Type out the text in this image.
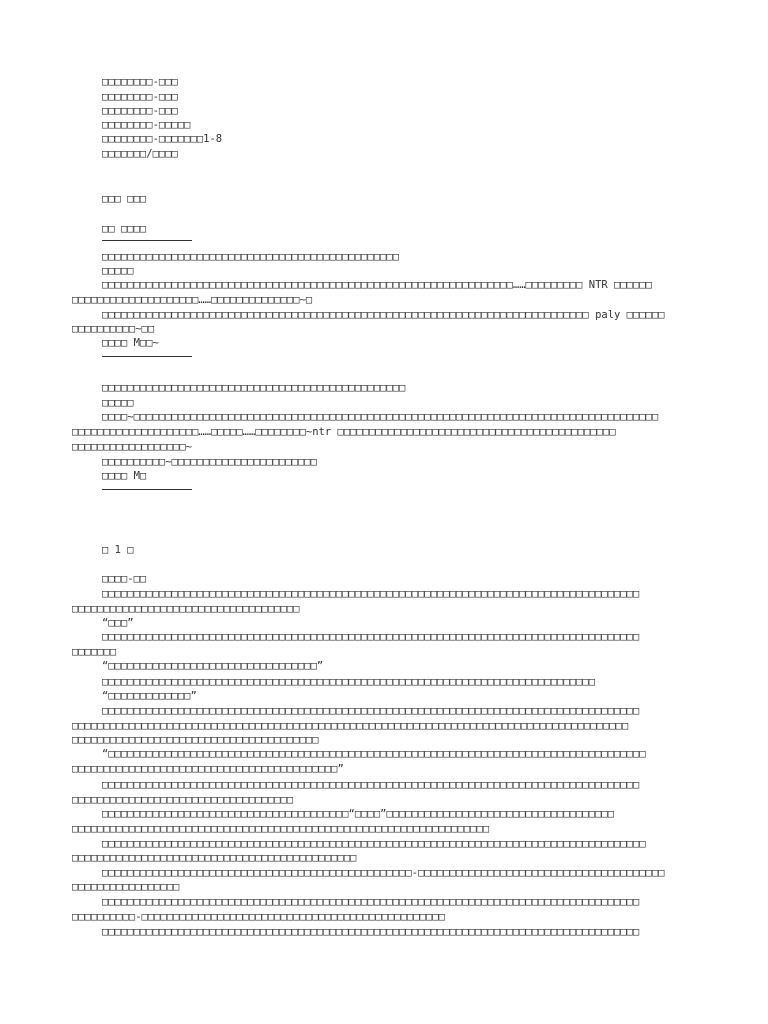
□□□□□□□□-□□□
□□□□□□□□-□□□
□□□□□□□□-□□□
□□□□□□□□-□□□□□
□□□□□□□□-□□□□□□□1-8
□□□□□□□/□□□□
□□□ □□□
□□ □□□□
□□□□□□□□□□□□□□□□□□□□□□□□□□□□□□□□□□□□□□□□□□□□□□□
□□□□□
□□□□□□□□□□□□□□□□□□□□□□□□□□□□□□□□□□□□□□□□□□□□□□□□□□□□□□□□□□□□□□□□□……□□□□□□□□□ NTR □□□□□□
□□□□□□□□□□□□□□□□□□□□……□□□□□□□□□□□□□□~□
□□□□□□□□□□□□□□□□□□□□□□□□□□□□□□□□□□□□□□□□□□□□□□□□□□□□□□□□□□□□□□□□□□□□□□□□□□□□□ paly □□□□□□
□□□□□□□□□□~□□
□□□□ M□□~
□□□□□□□□□□□□□□□□□□□□□□□□□□□□□□□□□□□□□□□□□□□□□□□□
□□□□□
□□□□~□□□□□□□□□□□□□□□□□□□□□□□□□□□□□□□□□□□□□□□□□□□□□□□□□□□□□□□□□□□□□□□□□□□□□□□□□□□□□□□□□□□
□□□□□□□□□□□□□□□□□□□□……□□□□□……□□□□□□□□~ntr □□□□□□□□□□□□□□□□□□□□□□□□□□□□□□□□□□□□□□□□□□□□
□□□□□□□□□□□□□□□□□□~
□□□□□□□□□□~□□□□□□□□□□□□□□□□□□□□□□□
□□□□ M□
□ 1 □
□□□□-□□
□□□□□□□□□□□□□□□□□□□□□□□□□□□□□□□□□□□□□□□□□□□□□□□□□□□□□□□□□□□□□□□□□□□□□□□□□□□□□□□□□□□□□
□□□□□□□□□□□□□□□□□□□□□□□□□□□□□□□□□□□□
“□□□”
□□□□□□□□□□□□□□□□□□□□□□□□□□□□□□□□□□□□□□□□□□□□□□□□□□□□□□□□□□□□□□□□□□□□□□□□□□□□□□□□□□□□□
□□□□□□□
“□□□□□□□□□□□□□□□□□□□□□□□□□□□□□□□□□”
□□□□□□□□□□□□□□□□□□□□□□□□□□□□□□□□□□□□□□□□□□□□□□□□□□□□□□□□□□□□□□□□□□□□□□□□□□□□□□
“□□□□□□□□□□□□□”
□□□□□□□□□□□□□□□□□□□□□□□□□□□□□□□□□□□□□□□□□□□□□□□□□□□□□□□□□□□□□□□□□□□□□□□□□□□□□□□□□□□□□
□□□□□□□□□□□□□□□□□□□□□□□□□□□□□□□□□□□□□□□□□□□□□□□□□□□□□□□□□□□□□□□□□□□□□□□□□□□□□□□□□□□□□□□□
□□□□□□□□□□□□□□□□□□□□□□□□□□□□□□□□□□□□□□□
“□□□□□□□□□□□□□□□□□□□□□□□□□□□□□□□□□□□□□□□□□□□□□□□□□□□□□□□□□□□□□□□□□□□□□□□□□□□□□□□□□□□□□
□□□□□□□□□□□□□□□□□□□□□□□□□□□□□□□□□□□□□□□□□□”
□□□□□□□□□□□□□□□□□□□□□□□□□□□□□□□□□□□□□□□□□□□□□□□□□□□□□□□□□□□□□□□□□□□□□□□□□□□□□□□□□□□□□
□□□□□□□□□□□□□□□□□□□□□□□□□□□□□□□□□□□
□□□□□□□□□□□□□□□□□□□□□□□□□□□□□□□□□□□□□□□“□□□□”□□□□□□□□□□□□□□□□□□□□□□□□□□□□□□□□□□□□
□□□□□□□□□□□□□□□□□□□□□□□□□□□□□□□□□□□□□□□□□□□□□□□□□□□□□□□□□□□□□□□□□□
□□□□□□□□□□□□□□□□□□□□□□□□□□□□□□□□□□□□□□□□□□□□□□□□□□□□□□□□□□□□□□□□□□□□□□□□□□□□□□□□□□□□□□
□□□□□□□□□□□□□□□□□□□□□□□□□□□□□□□□□□□□□□□□□□□□□
□□□□□□□□□□□□□□□□□□□□□□□□□□□□□□□□□□□□□□□□□□□□□□□□□-□□□□□□□□□□□□□□□□□□□□□□□□□□□□□□□□□□□□□□□
□□□□□□□□□□□□□□□□□
□□□□□□□□□□□□□□□□□□□□□□□□□□□□□□□□□□□□□□□□□□□□□□□□□□□□□□□□□□□□□□□□□□□□□□□□□□□□□□□□□□□□□
□□□□□□□□□□-□□□□□□□□□□□□□□□□□□□□□□□□□□□□□□□□□□□□□□□□□□□□□□□□
□□□□□□□□□□□□□□□□□□□□□□□□□□□□□□□□□□□□□□□□□□□□□□□□□□□□□□□□□□□□□□□□□□□□□□□□□□□□□□□□□□□□□
